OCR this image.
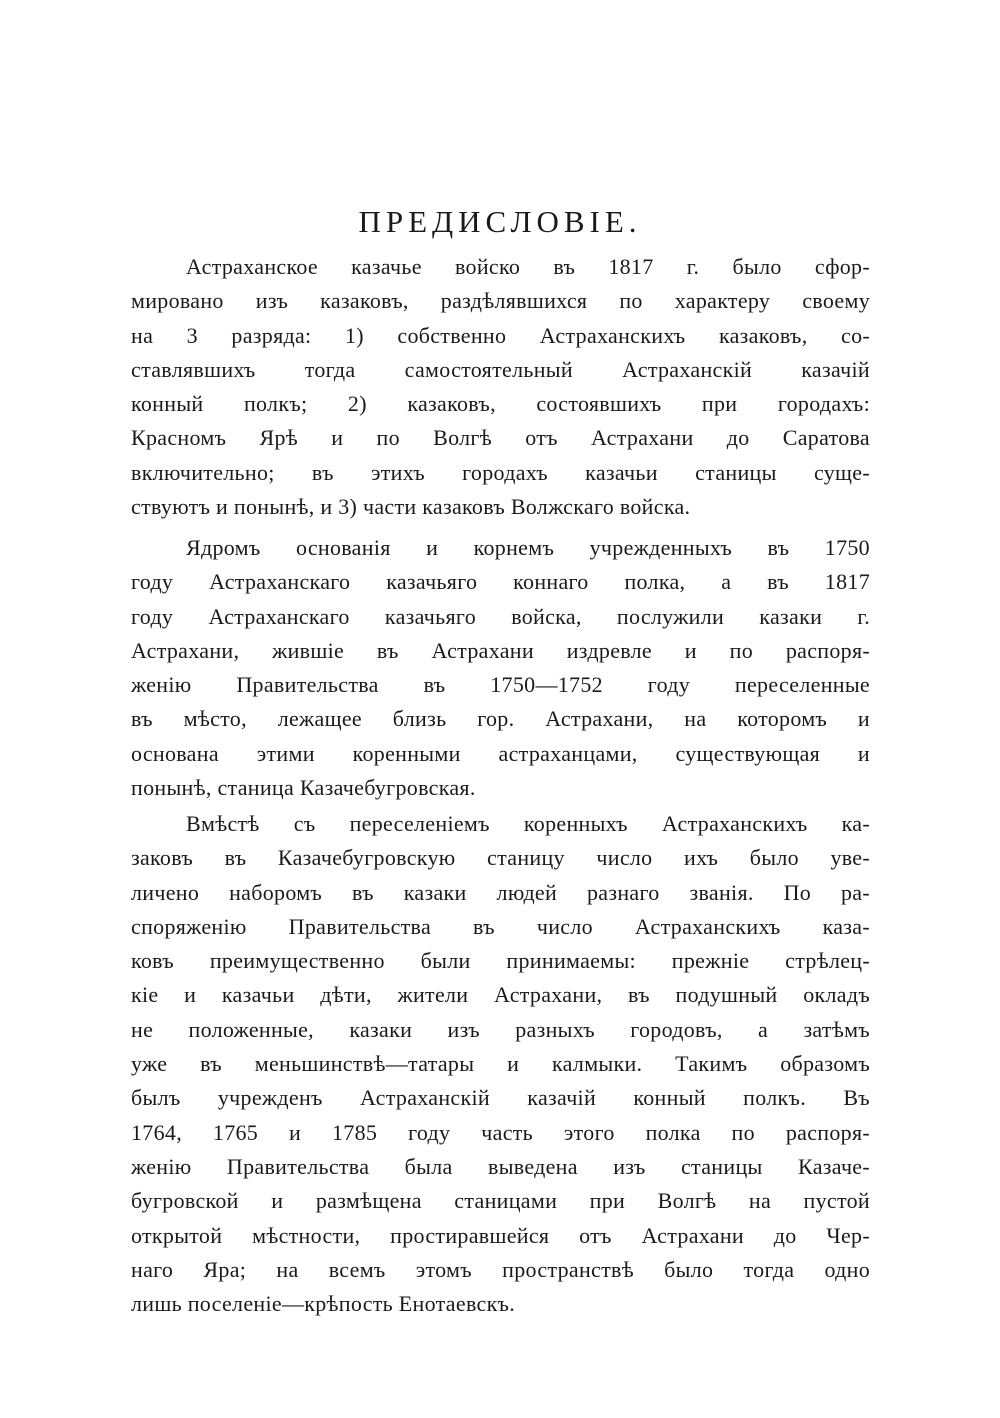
ПРЕДИСЛОВІЕ.
Астраханское казачье войско въ 1817 г. было сфор-
мировано изъ казаковъ, раздѣлявшихся по характеру своему
на 3 разряда: 1) собственно Астраханскихъ казаковъ, со-
ставлявшихъ тогда самостоятельный Астраханскій казачій
конный полкъ; 2) казаковъ, состоявшихъ при городахъ:
Красномъ Ярѣ и по Волгѣ отъ Астрахани до Саратова
включительно; въ этихъ городахъ казачьи станицы суще-
ствуютъ и понынѣ, и 3) части казаковъ Волжскаго войска.
Ядромъ основанія и корнемъ учрежденныхъ въ 1750
году Астраханскаго казачьяго коннаго полка, а въ 1817
году Астраханскаго казачьяго войска, послужили казаки г.
Астрахани, жившіе въ Астрахани издревле и по распоря-
женію Правительства въ 1750—1752 году переселенные
въ мѣсто, лежащее близь гор. Астрахани, на которомъ и
основана этими коренными астраханцами, существующая и
понынѣ, станица Казачебугровская.
Вмѣстѣ съ переселеніемъ коренныхъ Астраханскихъ ка-
заковъ въ Казачебугровскую станицу число ихъ было уве-
личено наборомъ въ казаки людей разнаго званія. По ра-
споряженію Правительства въ число Астраханскихъ каза-
ковъ преимущественно были принимаемы: прежніе стрѣлец-
кіе и казачьи дѣти, жители Астрахани, въ подушный окладъ
не положенные, казаки изъ разныхъ городовъ, а затѣмъ
уже въ меньшинствѣ—татары и калмыки. Такимъ образомъ
былъ учрежденъ Астраханскій казачій конный полкъ. Въ
1764, 1765 и 1785 году часть этого полка по распоря-
женію Правительства была выведена изъ станицы Казаче-
бугровской и размѣщена станицами при Волгѣ на пустой
открытой мѣстности, простиравшейся отъ Астрахани до Чер-
наго Яра; на всемъ этомъ пространствѣ было тогда одно
лишь поселеніе—крѣпость Енотаевскъ.
